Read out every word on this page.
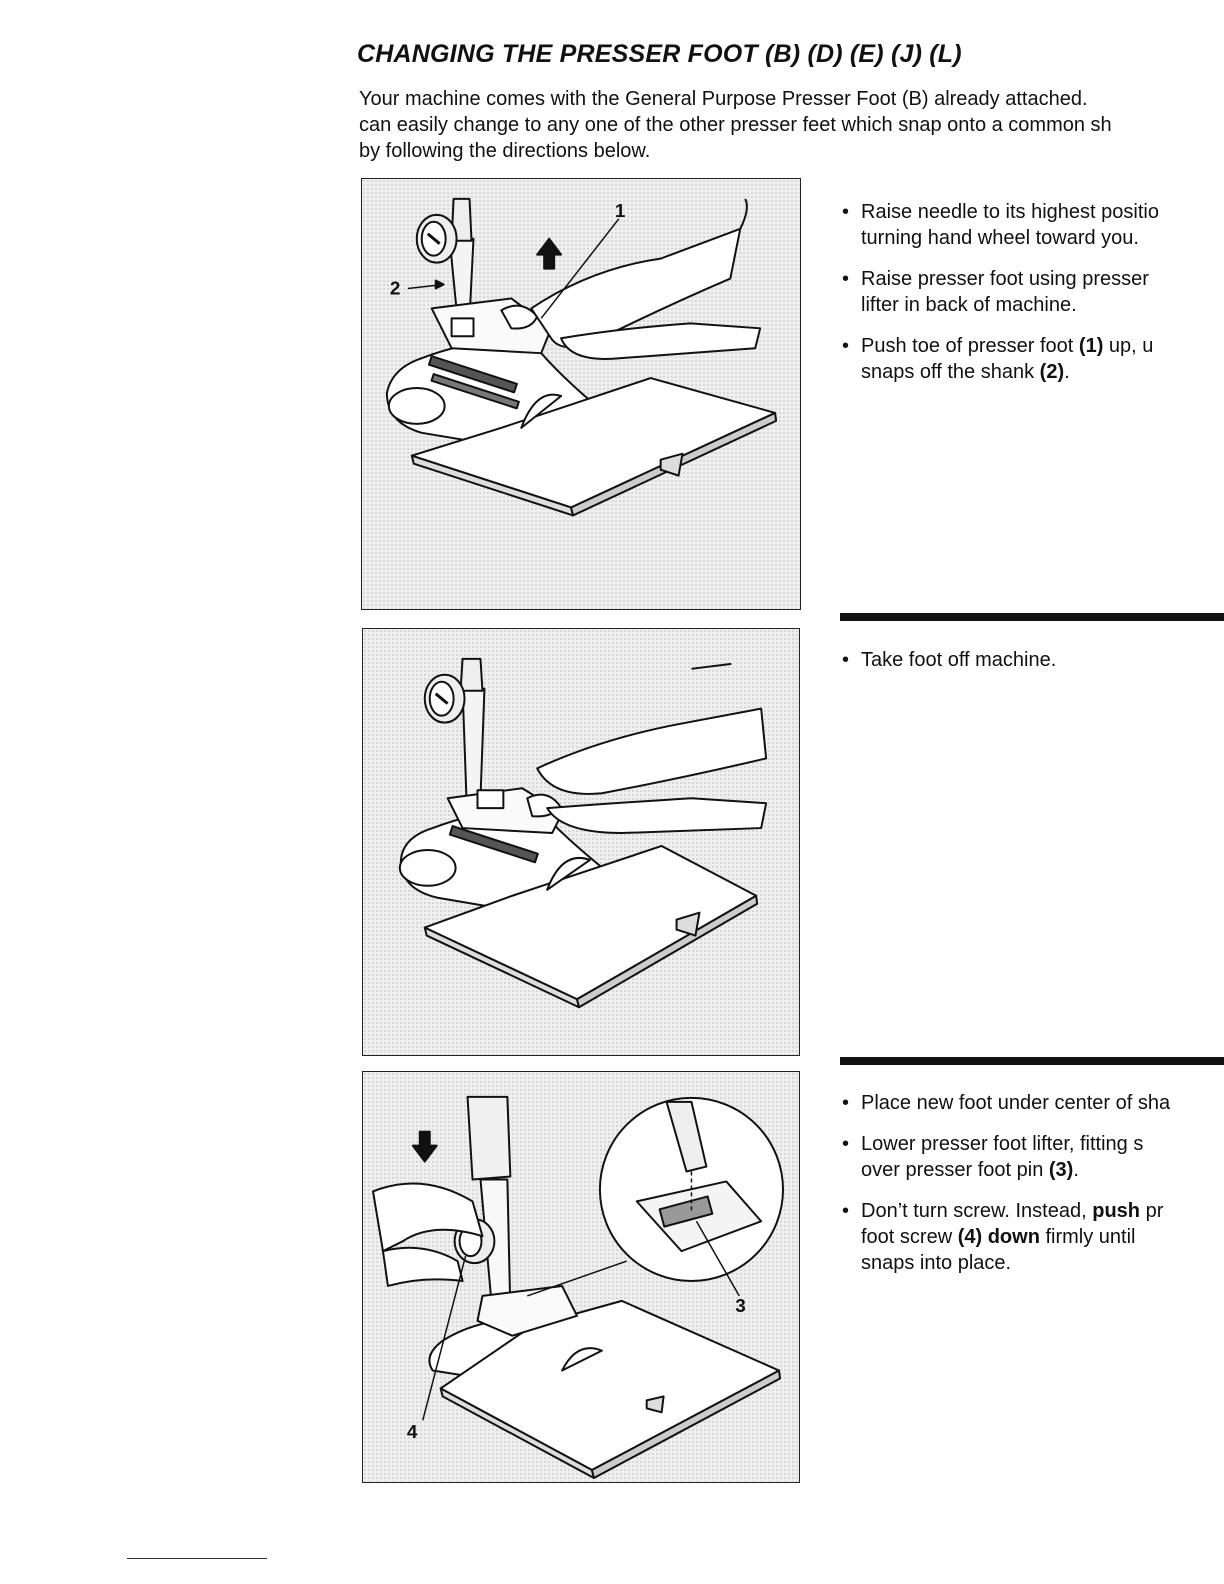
CHANGING THE PRESSER FOOT (B) (D) (E) (J) (L)

Your machine comes with the General Purpose Presser Foot (B) already attached.
can easily change to any one of the other presser feet which snap onto a common sh
by following the directions below.

1
2
• Raise needle to its highest positio
turning hand wheel toward you.
• Raise presser foot using presser
lifter in back of machine.
• Push toe of presser foot (1) up, u
snaps off the shank (2).
• Take foot off machine.
3
4
• Place new foot under center of sha
• Lower presser foot lifter, fitting s
over presser foot pin (3).
• Don’t turn screw. Instead, push pr
foot screw (4) down firmly until
snaps into place.
